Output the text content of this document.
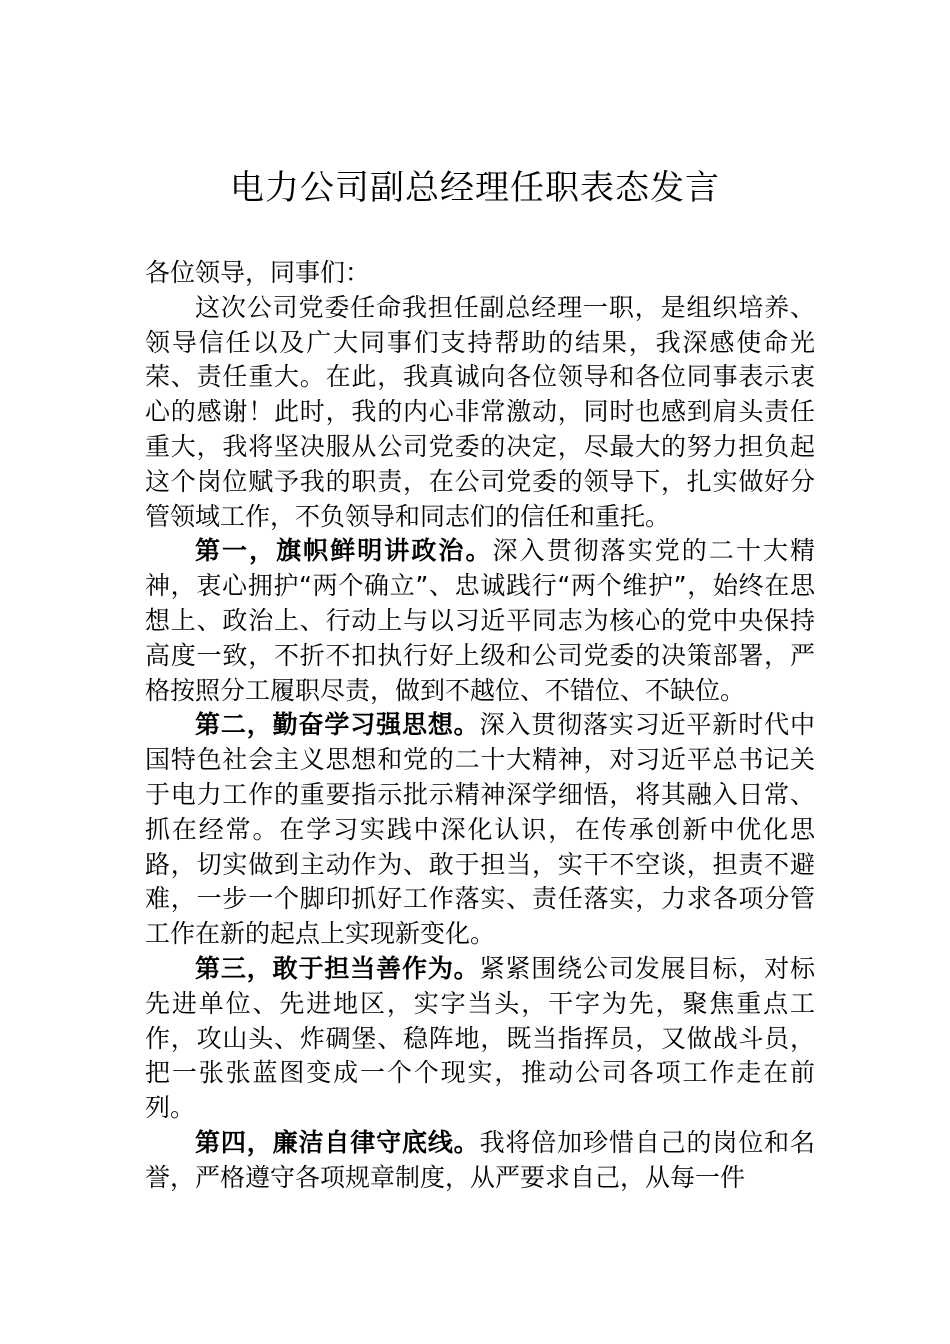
电力公司副总经理任职表态发言

各位领导，同事们：

这次公司党委任命我担任副总经理一职，是组织培养、领导信任以及广大同事们支持帮助的结果，我深感使命光荣、责任重大。在此，我真诚向各位领导和各位同事表示衷心的感谢！此时，我的内心非常激动，同时也感到肩头责任重大，我将坚决服从公司党委的决定，尽最大的努力担负起这个岗位赋予我的职责，在公司党委的领导下，扎实做好分管领域工作，不负领导和同志们的信任和重托。

第一，旗帜鲜明讲政治。深入贯彻落实党的二十大精神，衷心拥护“两个确立”、忠诚践行“两个维护”，始终在思想上、政治上、行动上与以习近平同志为核心的党中央保持高度一致，不折不扣执行好上级和公司党委的决策部署，严格按照分工履职尽责，做到不越位、不错位、不缺位。

第二，勤奋学习强思想。深入贯彻落实习近平新时代中国特色社会主义思想和党的二十大精神，对习近平总书记关于电力工作的重要指示批示精神深学细悟，将其融入日常、抓在经常。在学习实践中深化认识，在传承创新中优化思路，切实做到主动作为、敢于担当，实干不空谈，担责不避难，一步一个脚印抓好工作落实、责任落实，力求各项分管工作在新的起点上实现新变化。

第三，敢于担当善作为。紧紧围绕公司发展目标，对标先进单位、先进地区，实字当头，干字为先，聚焦重点工作，攻山头、炸碉堡、稳阵地，既当指挥员，又做战斗员，把一张张蓝图变成一个个现实，推动公司各项工作走在前列。

第四，廉洁自律守底线。我将倍加珍惜自己的岗位和名誉，严格遵守各项规章制度，从严要求自己，从每一件
